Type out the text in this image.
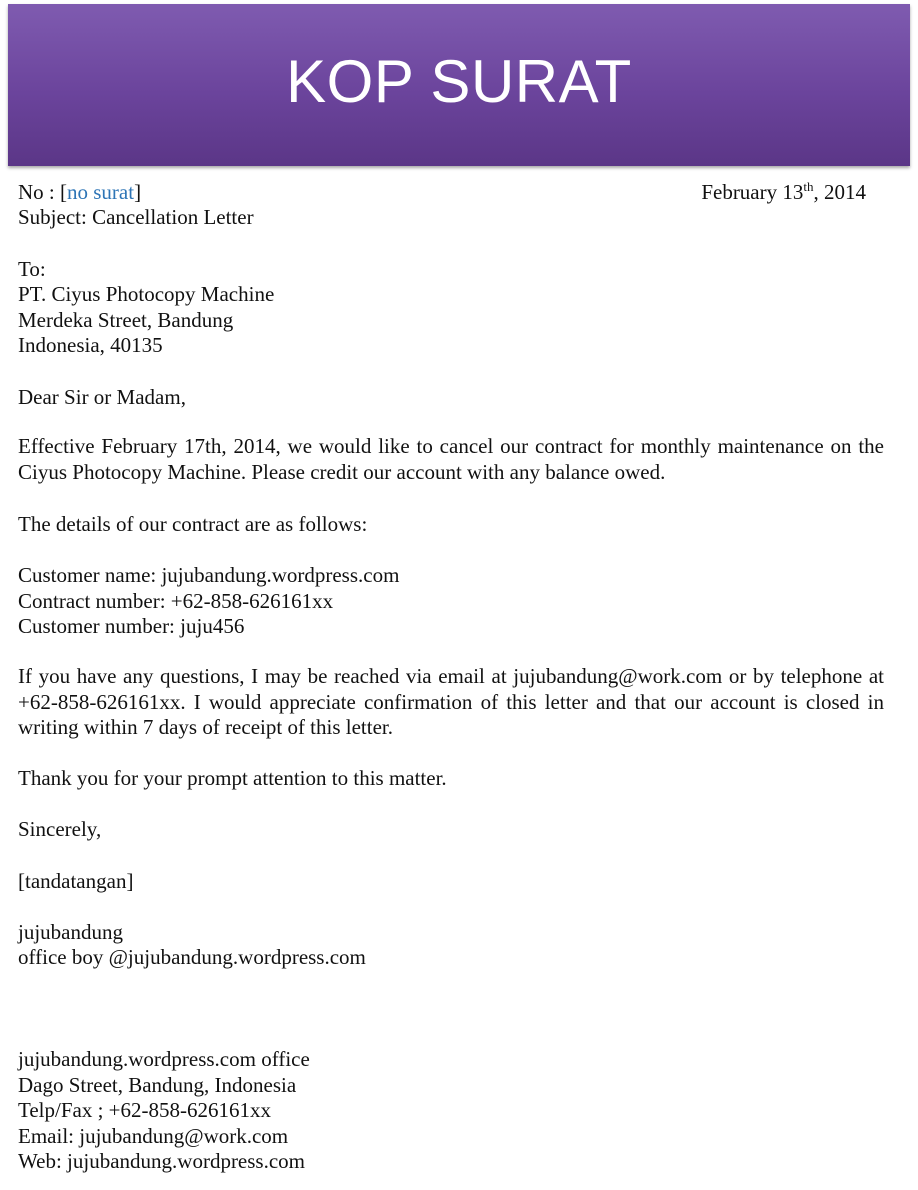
KOP SURAT
No : [no surat]	February 13th, 2014
Subject: Cancellation Letter
To:
PT. Ciyus Photocopy Machine
Merdeka Street, Bandung
Indonesia, 40135
Dear Sir or Madam,
Effective February 17th, 2014, we would like to cancel our contract for monthly maintenance on the Ciyus Photocopy Machine. Please credit our account with any balance owed.
The details of our contract are as follows:
Customer name: jujubandung.wordpress.com
Contract number: +62-858-626161xx
Customer number: juju456
If you have any questions, I may be reached via email at jujubandung@work.com or by telephone at +62-858-626161xx. I would appreciate confirmation of this letter and that our account is closed in writing within 7 days of receipt of this letter.
Thank you for your prompt attention to this matter.
Sincerely,
[tandatangan]
jujubandung
office boy @jujubandung.wordpress.com
jujubandung.wordpress.com office
Dago Street, Bandung, Indonesia
Telp/Fax ; +62-858-626161xx
Email: jujubandung@work.com
Web: jujubandung.wordpress.com
